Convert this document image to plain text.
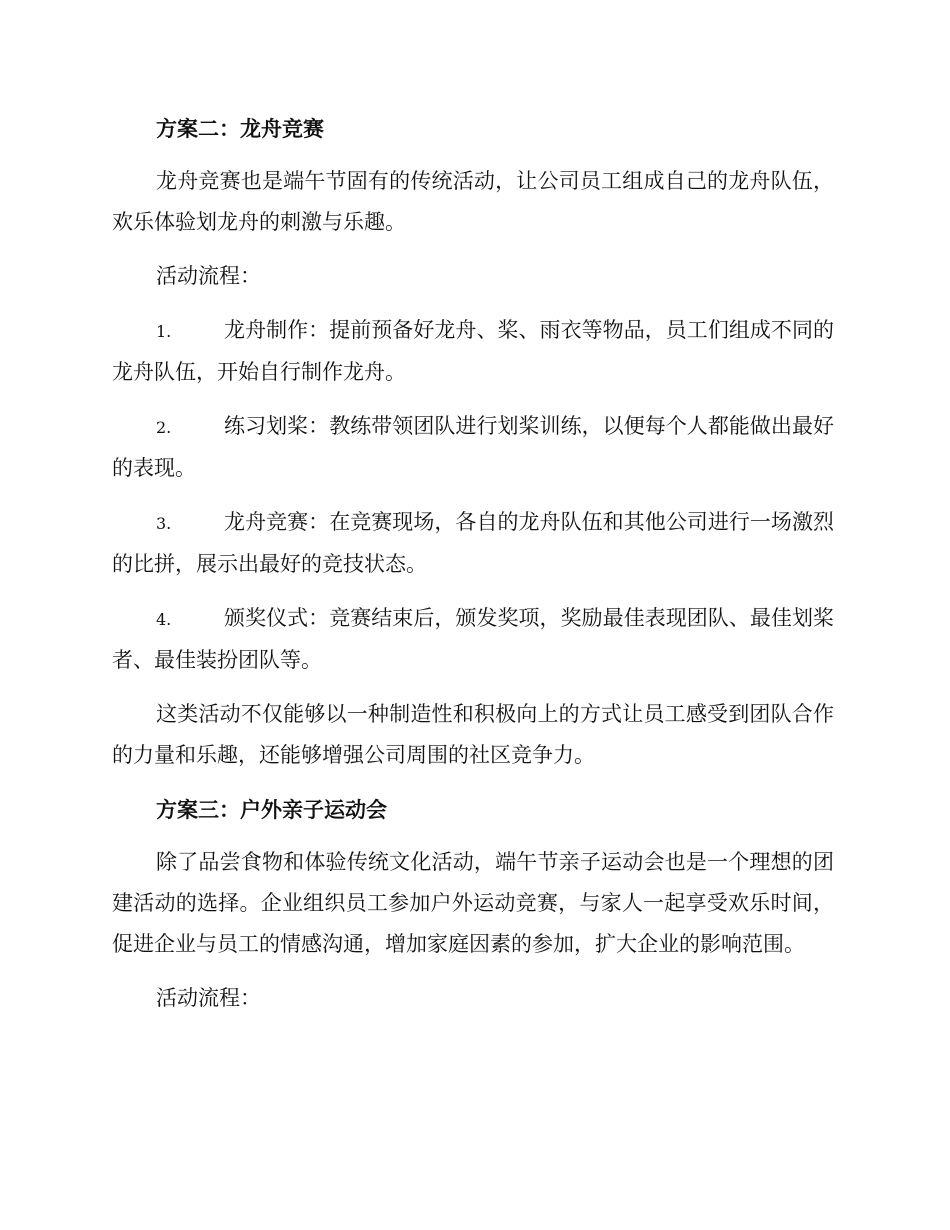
方案二：龙舟竞赛

龙舟竞赛也是端午节固有的传统活动，让公司员工组成自己的龙舟队伍，欢乐体验划龙舟的刺激与乐趣。

活动流程：

1.	龙舟制作：提前预备好龙舟、桨、雨衣等物品，员工们组成不同的龙舟队伍，开始自行制作龙舟。

2.	练习划桨：教练带领团队进行划桨训练，以便每个人都能做出最好的表现。

3.	龙舟竞赛：在竞赛现场，各自的龙舟队伍和其他公司进行一场激烈的比拼，展示出最好的竞技状态。

4.	颁奖仪式：竞赛结束后，颁发奖项，奖励最佳表现团队、最佳划桨者、最佳装扮团队等。

这类活动不仅能够以一种制造性和积极向上的方式让员工感受到团队合作的力量和乐趣，还能够增强公司周围的社区竞争力。

方案三：户外亲子运动会

除了品尝食物和体验传统文化活动，端午节亲子运动会也是一个理想的团建活动的选择。企业组织员工参加户外运动竞赛，与家人一起享受欢乐时间，促进企业与员工的情感沟通，增加家庭因素的参加，扩大企业的影响范围。

活动流程：
